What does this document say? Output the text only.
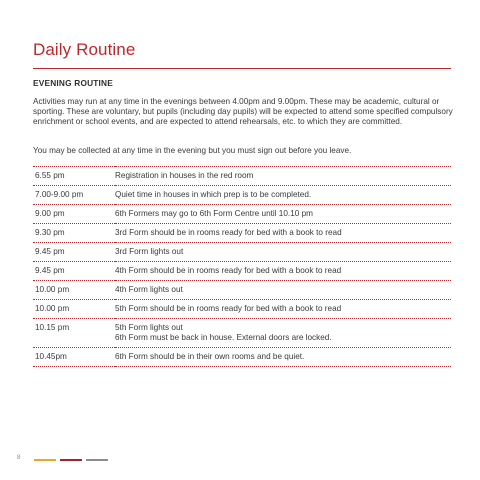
Daily Routine
EVENING ROUTINE

Activities may run at any time in the evenings between 4.00pm and 9.00pm. These may be academic, cultural or sporting. These are voluntary, but pupils (including day pupils) will be expected to attend some specified compulsory enrichment or school events, and are expected to attend rehearsals, etc. to which they are committed.

You may be collected at any time in the evening but you must sign out before you leave.

6.55 pm	Registration in houses in the red room

7.00-9.00 pm	Quiet time in houses in which prep is to be completed.

9.00 pm	6th Formers may go to 6th Form Centre until 10.10 pm

9.30 pm	3rd Form should be in rooms ready for bed with a book to read

9.45 pm	3rd Form lights out

9.45 pm	4th Form should be in rooms ready for bed with a book to read

10.00 pm	4th Form lights out

10.00 pm	5th Form should be in rooms ready for bed with a book to read

10.15 pm	5th Form lights out
6th Form must be back in house. External doors are locked.

10.45pm	6th Form should be in their own rooms and be quiet.
8
